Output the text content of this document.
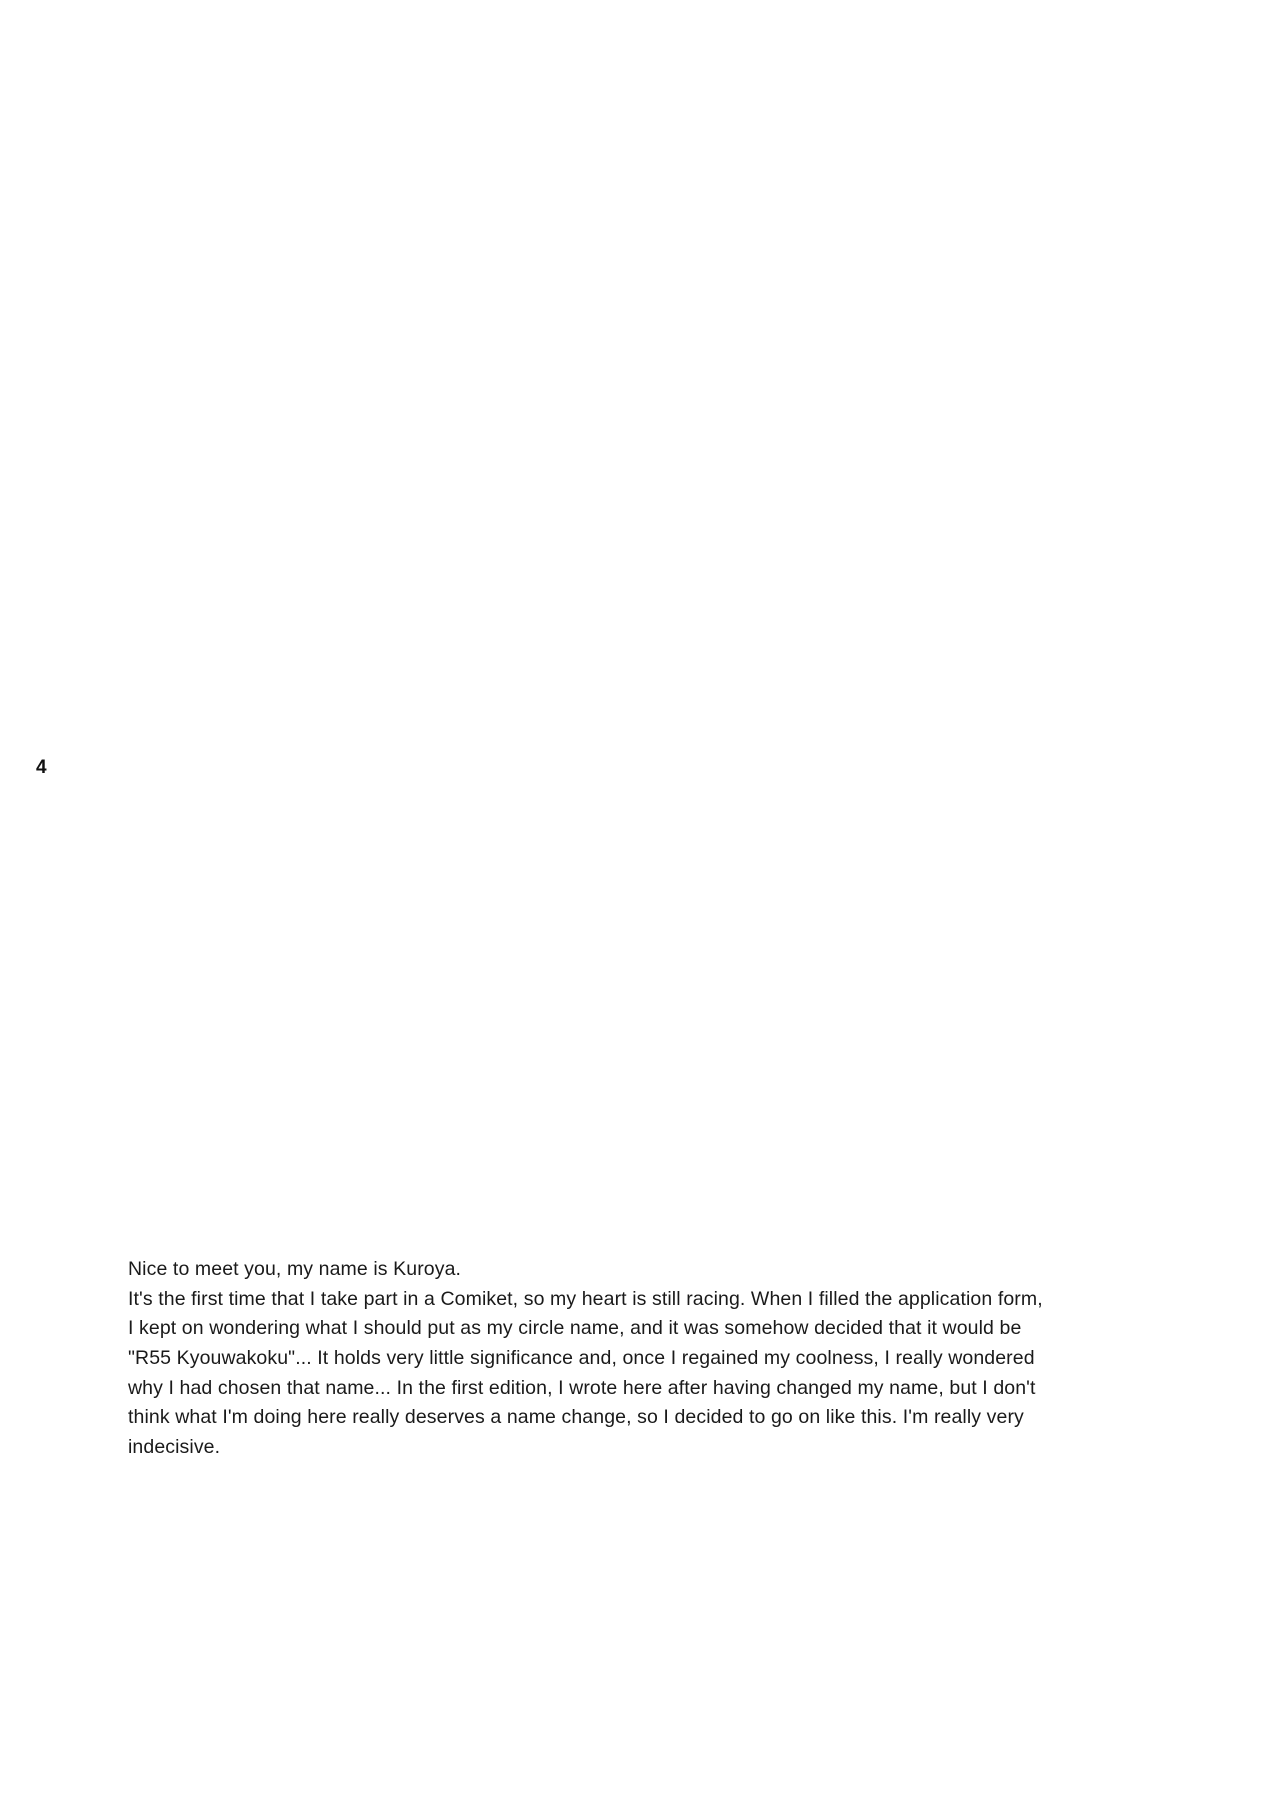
4

Nice to meet you, my name is Kuroya.

It's the first time that I take part in a Comiket, so my heart is still racing. When I filled the application form, I kept on wondering what I should put as my circle name, and it was somehow decided that it would be "R55 Kyouwakoku"... It holds very little significance and, once I regained my coolness, I really wondered why I had chosen that name... In the first edition, I wrote here after having changed my name, but I don't think what I'm doing here really deserves a name change, so I decided to go on like this. I'm really very indecisive.
